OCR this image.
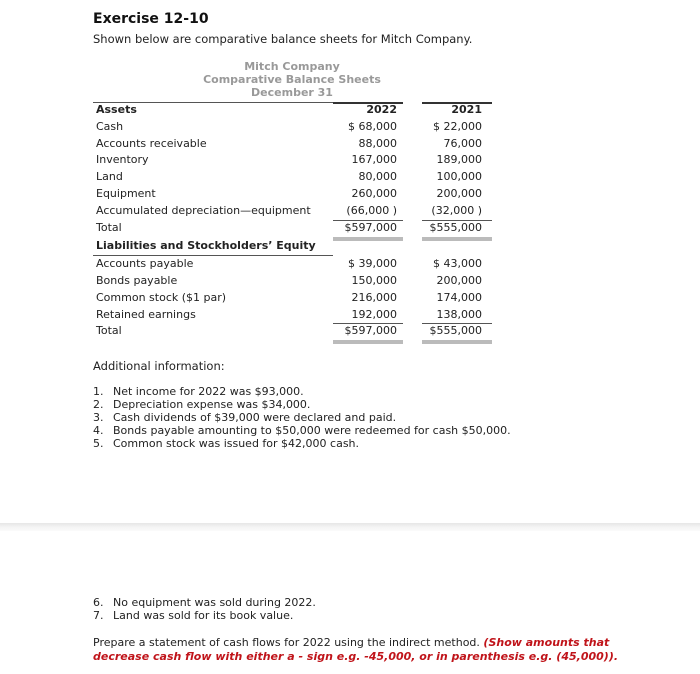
Exercise 12-10
Shown below are comparative balance sheets for Mitch Company.
Mitch Company
Comparative Balance Sheets
December 31
Assets	2022	2021
Cash	$ 68,000	$ 22,000
Accounts receivable	88,000	76,000
Inventory	167,000	189,000
Land	80,000	100,000
Equipment	260,000	200,000
Accumulated depreciation—equipment	(66,000 )	(32,000 )
Total	$597,000	$555,000
Liabilities and Stockholders’ Equity
Accounts payable	$ 39,000	$ 43,000
Bonds payable	150,000	200,000
Common stock ($1 par)	216,000	174,000
Retained earnings	192,000	138,000
Total	$597,000	$555,000
Additional information:
1. Net income for 2022 was $93,000.
2. Depreciation expense was $34,000.
3. Cash dividends of $39,000 were declared and paid.
4. Bonds payable amounting to $50,000 were redeemed for cash $50,000.
5. Common stock was issued for $42,000 cash.
6. No equipment was sold during 2022.
7. Land was sold for its book value.
Prepare a statement of cash flows for 2022 using the indirect method. (Show amounts that decrease cash flow with either a - sign e.g. -45,000, or in parenthesis e.g. (45,000)).
